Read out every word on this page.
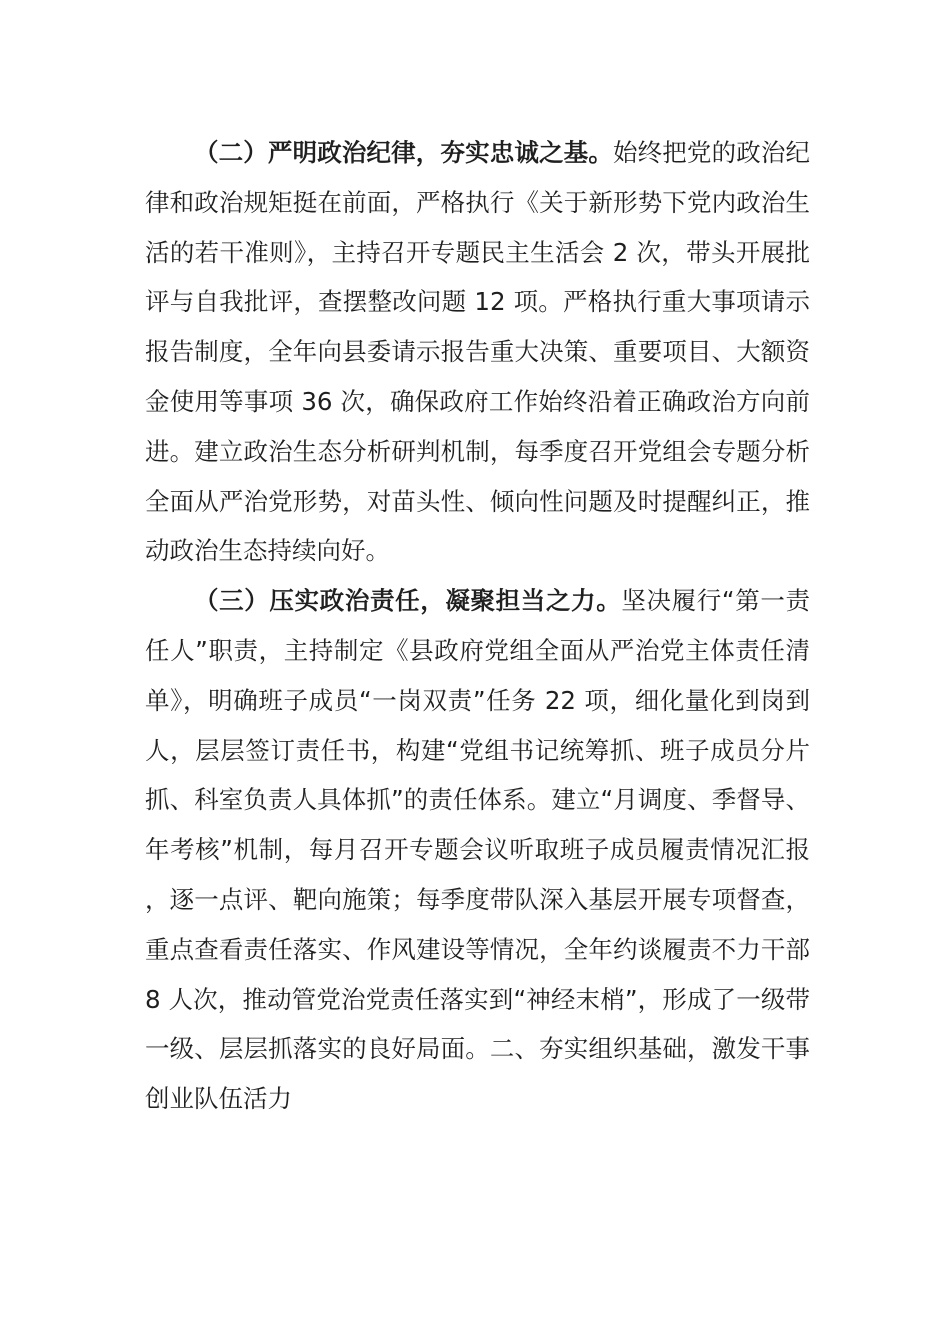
（二）严明政治纪律，夯实忠诚之基。始终把党的政治纪律和政治规矩挺在前面，严格执行《关于新形势下党内政治生活的若干准则》，主持召开专题民主生活会 2 次，带头开展批评与自我批评，查摆整改问题 12 项。严格执行重大事项请示报告制度，全年向县委请示报告重大决策、重要项目、大额资金使用等事项 36 次，确保政府工作始终沿着正确政治方向前进。建立政治生态分析研判机制，每季度召开党组会专题分析全面从严治党形势，对苗头性、倾向性问题及时提醒纠正，推动政治生态持续向好。

（三）压实政治责任，凝聚担当之力。坚决履行“第一责任人”职责，主持制定《县政府党组全面从严治党主体责任清单》，明确班子成员“一岗双责”任务 22 项，细化量化到岗到人，层层签订责任书，构建“党组书记统筹抓、班子成员分片抓、科室负责人具体抓”的责任体系。建立“月调度、季督导、年考核”机制，每月召开专题会议听取班子成员履责情况汇报，逐一点评、靶向施策；每季度带队深入基层开展专项督查，重点查看责任落实、作风建设等情况，全年约谈履责不力干部 8 人次，推动管党治党责任落实到“神经末梢”，形成了一级带一级、层层抓落实的良好局面。二、夯实组织基础，激发干事创业队伍活力
